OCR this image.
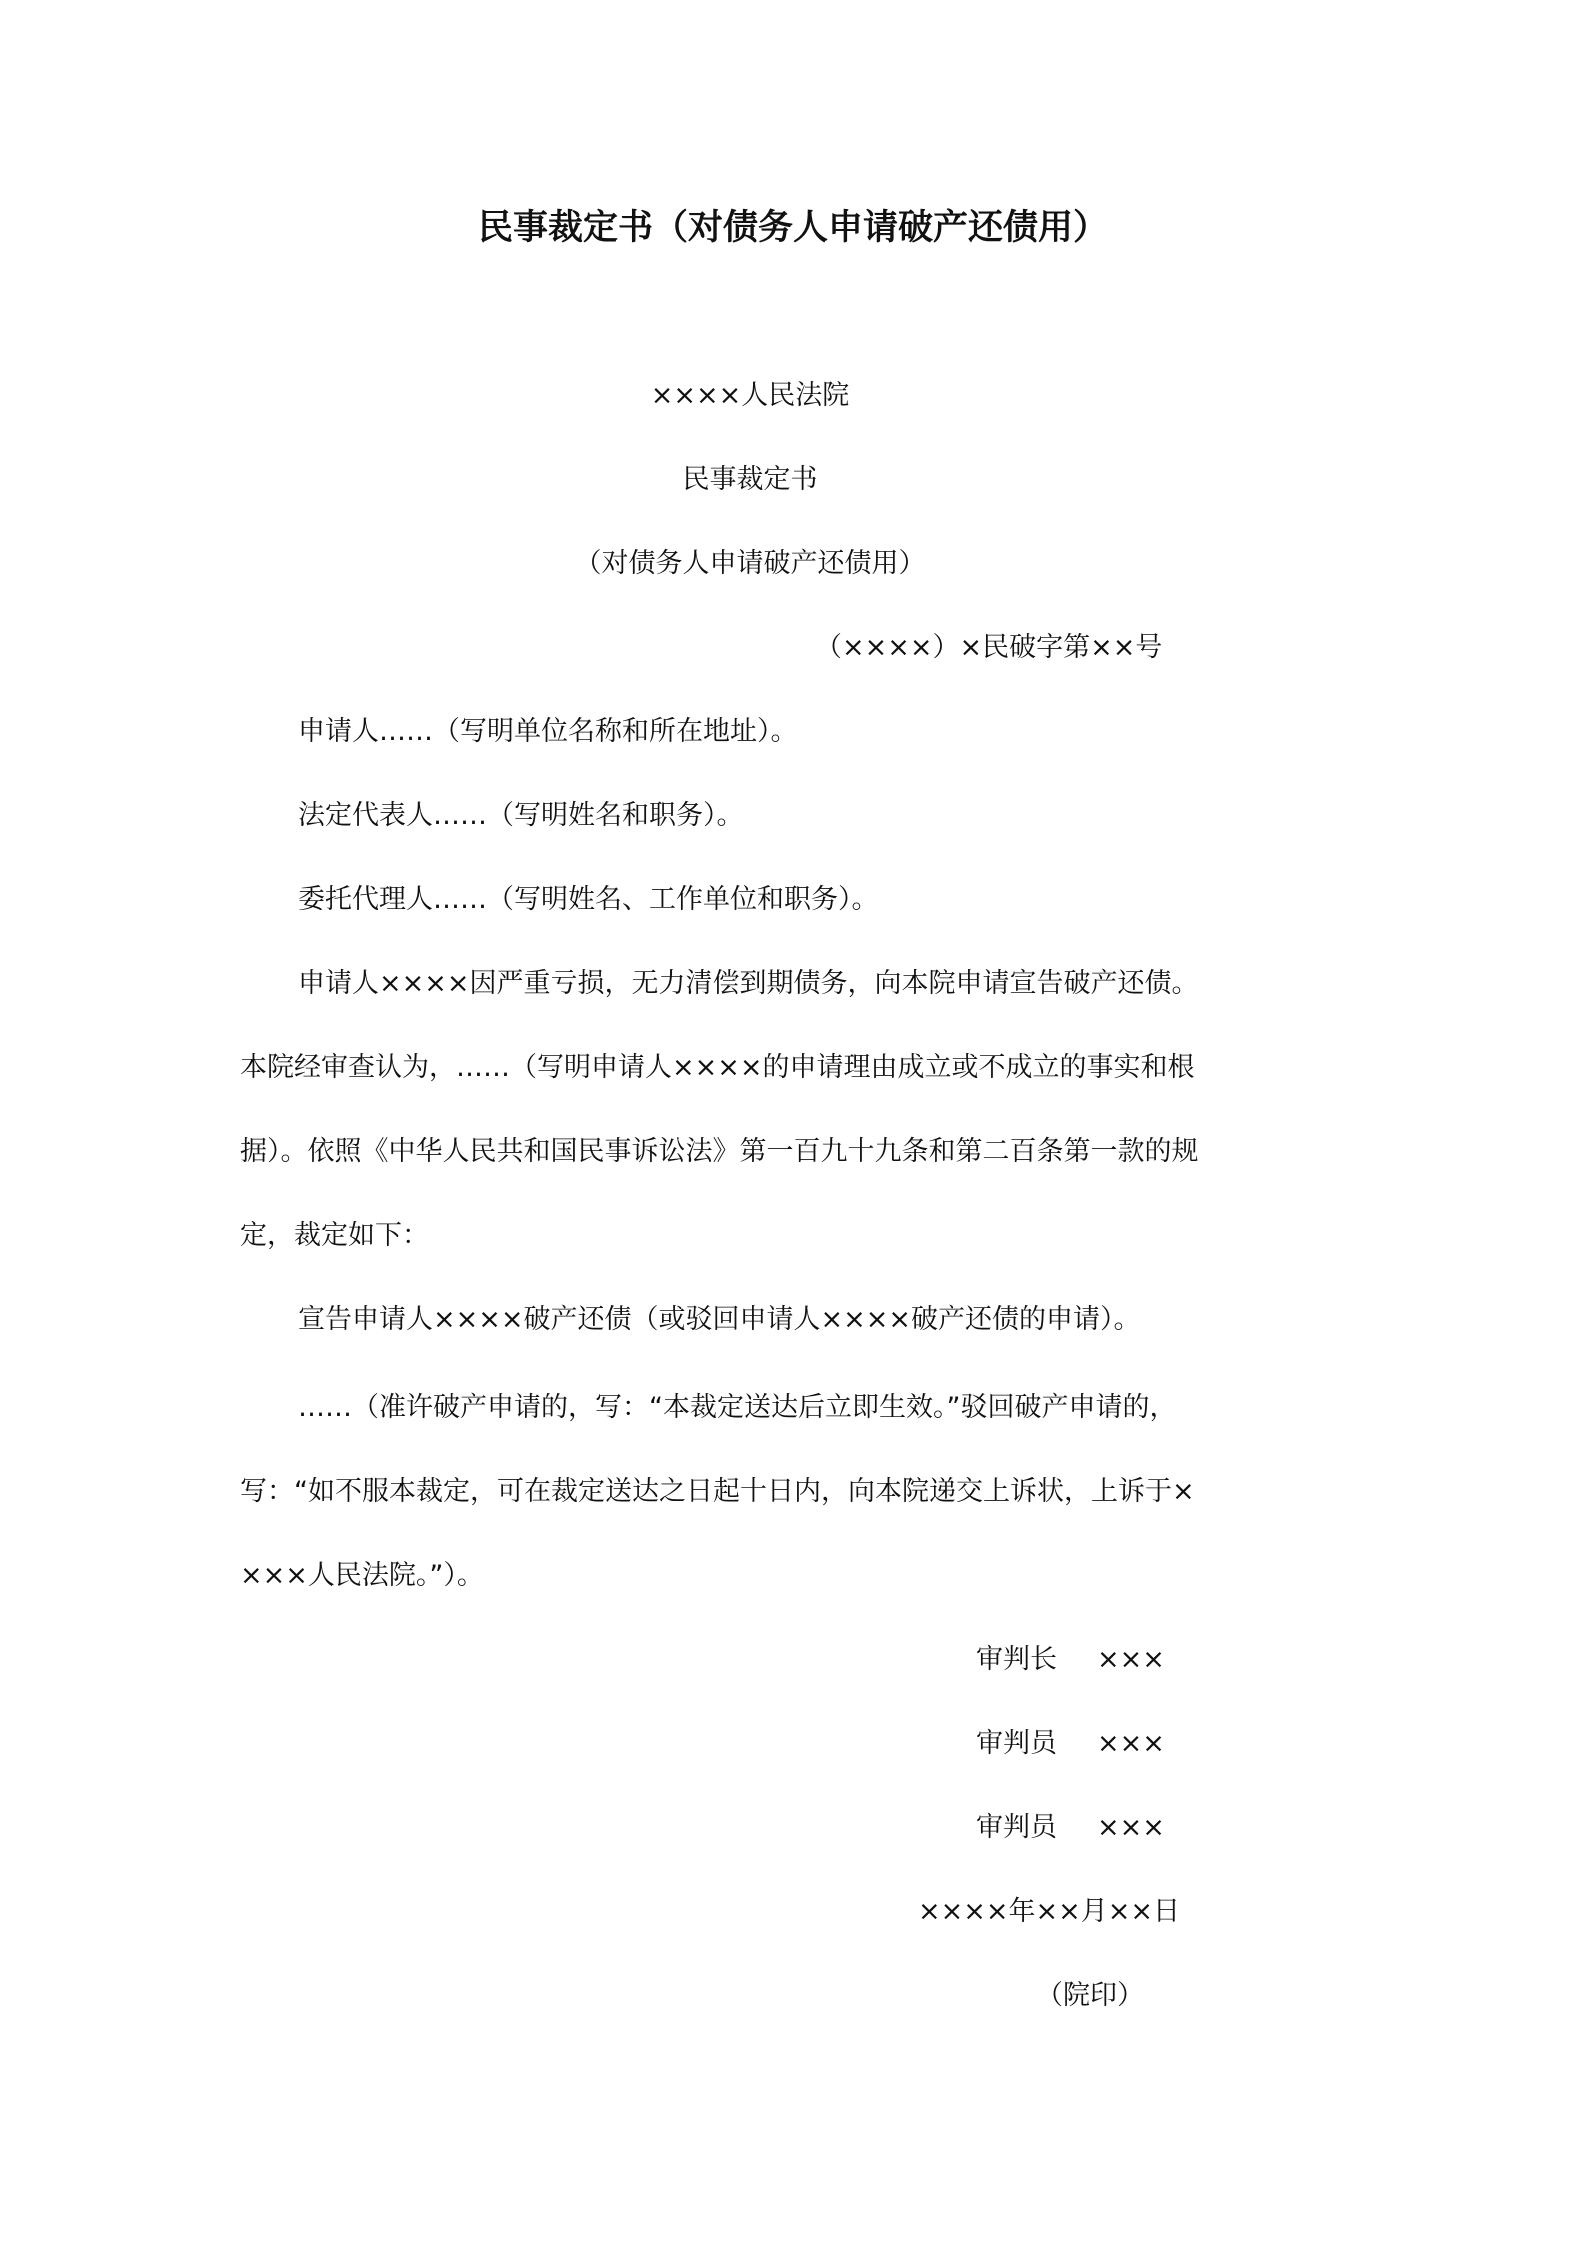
民事裁定书（对债务人申请破产还债用）
××××人民法院
民事裁定书
（对债务人申请破产还债用）
（××××）×民破字第××号
申请人……（写明单位名称和所在地址）。
法定代表人……（写明姓名和职务）。
委托代理人……（写明姓名、工作单位和职务）。
申请人××××因严重亏损，无力清偿到期债务，向本院申请宣告破产还债。
本院经审查认为，……（写明申请人××××的申请理由成立或不成立的事实和根
据）。依照《中华人民共和国民事诉讼法》第一百九十九条和第二百条第一款的规
定，裁定如下：
宣告申请人××××破产还债（或驳回申请人××××破产还债的申请）。
……（准许破产申请的，写：“本裁定送达后立即生效。”驳回破产申请的，
写：“如不服本裁定，可在裁定送达之日起十日内，向本院递交上诉状，上诉于×
×××人民法院。”）。
审判长 ×××
审判员 ×××
审判员 ×××
××××年××月××日
（院印）
